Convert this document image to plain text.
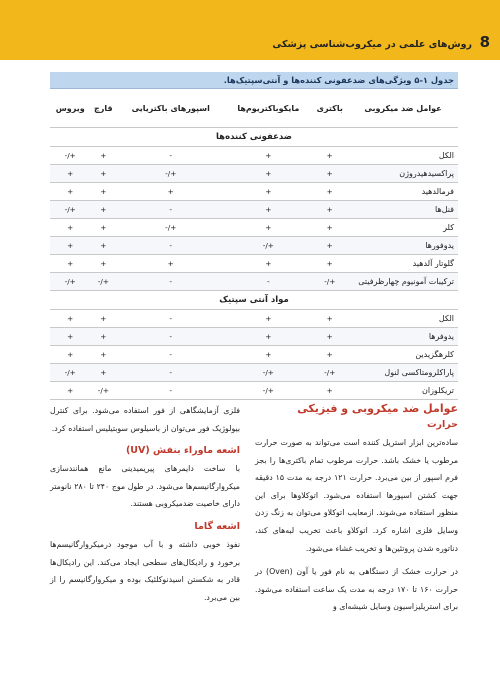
8
روش‌های علمی در میکروب‌شناسی پزشکی
جدول ۱-۵ ویژگی‌های ضدعفونی کننده‌ها و آنتی‌سپتیک‌ها.
عوامل ضد میکروبی	باکتری	مایکوباکتریوم‌ها	اسپورهای باکتریایی	قارچ	ویروس
ضدعفونی کننده‌ها					
الکل	+	+	-	+	+/-
پراکسیدهیدروژن	+	+	+/-	+	+
فرمالدهید	+	+	+	+	+
فنل‌ها	+	+	-	+	+/-
کلر	+	+	+/-	+	+
یدوفورها	+	+/-	-	+	+
گلوتار آلدهید	+	+	+	+	+
ترکیبات آمونیوم چهارظرفیتی	+/-	-	-	+/-	+/-
مواد آنتی سپتیک					
الکل	+	+	-	+	+
یدوفرها	+	+	-	+	+
کلرهگزیدین	+	+	-	+	+
پاراکلرومتاکسی لنول	+/-	+/-	-	+	+/-
تریکلوزان	+	+/-	-	+/-	+
عوامل ضد میکروبی و فیزیکی
حرارت

ساده‌ترین ابزار استریل کننده است می‌تواند به صورت حرارت مرطوب یا خشک باشد. حرارت مرطوب تمام باکتری‌ها را بجز فرم اسپور از بین می‌برد. حرارت ۱۲۱ درجه به مدت ۱۵ دقیقه جهت کشتن اسپورها استفاده می‌شود. اتوکلاوها برای این منظور استفاده می‌شوند. ازمعایب اتوکلاو می‌توان به زنگ زدن وسایل فلزی اشاره کرد. اتوکلاو باعث تخریب لبه‌های کند، دناتوره شدن پروتئین‌ها و تخریب غشاء می‌شود.

در حرارت خشک از دستگاهی به نام فور یا آون (Oven) در حرارت ۱۶۰ تا ۱۷۰ درجه به مدت یک ساعت استفاده می‌شود. برای استریلیزاسیون وسایل شیشه‌ای و

فلزی آزمایشگاهی از فور استفاده می‌شود. برای کنترل بیولوژیک فور می‌توان از باسیلوس سوبتیلیس استفاده کرد.

اشعه ماوراء بنفش (UV)

با ساخت دایمرهای پیریمیدینی مانع همانندسازی میکروارگانیسم‌ها می‌شود. در طول موج ۲۴۰ تا ۲۸۰ نانومتر دارای خاصیت ضدمیکروبی هستند.

اشعه گاما

نفوذ خوبی داشته و با آب موجود درمیکروارگانیسم‌ها برخورد و رادیکال‌های سطحی ایجاد می‌کند. این رادیکال‌ها قادر به شکستن اسیدنوکلئیک بوده و میکروارگانیسم را از بین می‌برد.
